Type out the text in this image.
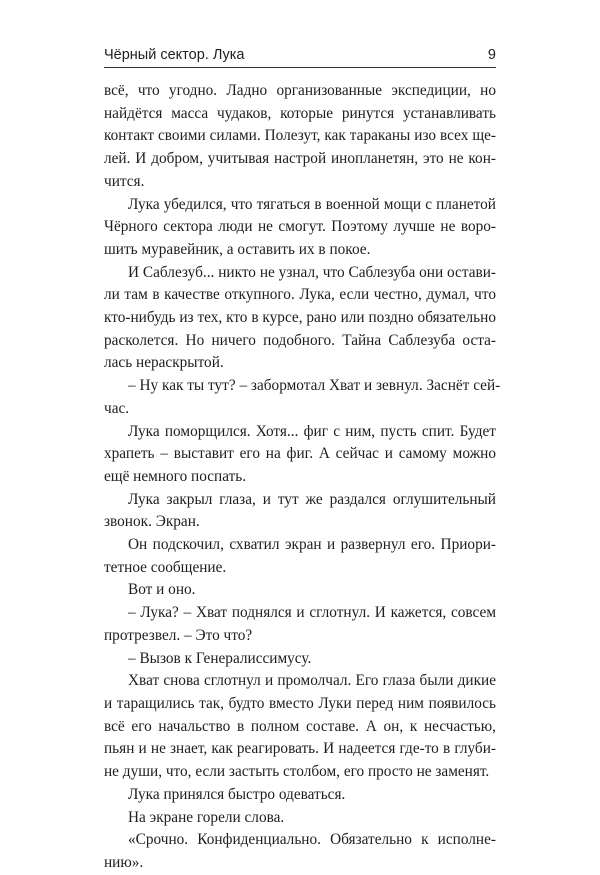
Чёрный сектор. Лука	9
всё, что угодно. Ладно организованные экспедиции, но
найдётся масса чудаков, которые ринутся устанавливать
контакт своими силами. Полезут, как тараканы изо всех ще-
лей. И добром, учитывая настрой инопланетян, это не кон-
чится.
Лука убедился, что тягаться в военной мощи с планетой
Чёрного сектора люди не смогут. Поэтому лучше не воро-
шить муравейник, а оставить их в покое.
И Саблезуб... никто не узнал, что Саблезуба они остави-
ли там в качестве откупного. Лука, если честно, думал, что
кто-нибудь из тех, кто в курсе, рано или поздно обязательно
расколется. Но ничего подобного. Тайна Саблезуба оста-
лась нераскрытой.
– Ну как ты тут? – забормотал Хват и зевнул. Заснёт сей-
час.
Лука поморщился. Хотя... фиг с ним, пусть спит. Будет
храпеть – выставит его на фиг. А сейчас и самому можно
ещё немного поспать.
Лука закрыл глаза, и тут же раздался оглушительный
звонок. Экран.
Он подскочил, схватил экран и развернул его. Приори-
тетное сообщение.
Вот и оно.
– Лука? – Хват поднялся и сглотнул. И кажется, совсем
протрезвел. – Это что?
– Вызов к Генералиссимусу.
Хват снова сглотнул и промолчал. Его глаза были дикие
и таращились так, будто вместо Луки перед ним появилось
всё его начальство в полном составе. А он, к несчастью,
пьян и не знает, как реагировать. И надеется где-то в глуби-
не души, что, если застыть столбом, его просто не заменят.
Лука принялся быстро одеваться.
На экране горели слова.
«Срочно. Конфиденциально. Обязательно к исполне-
нию».
